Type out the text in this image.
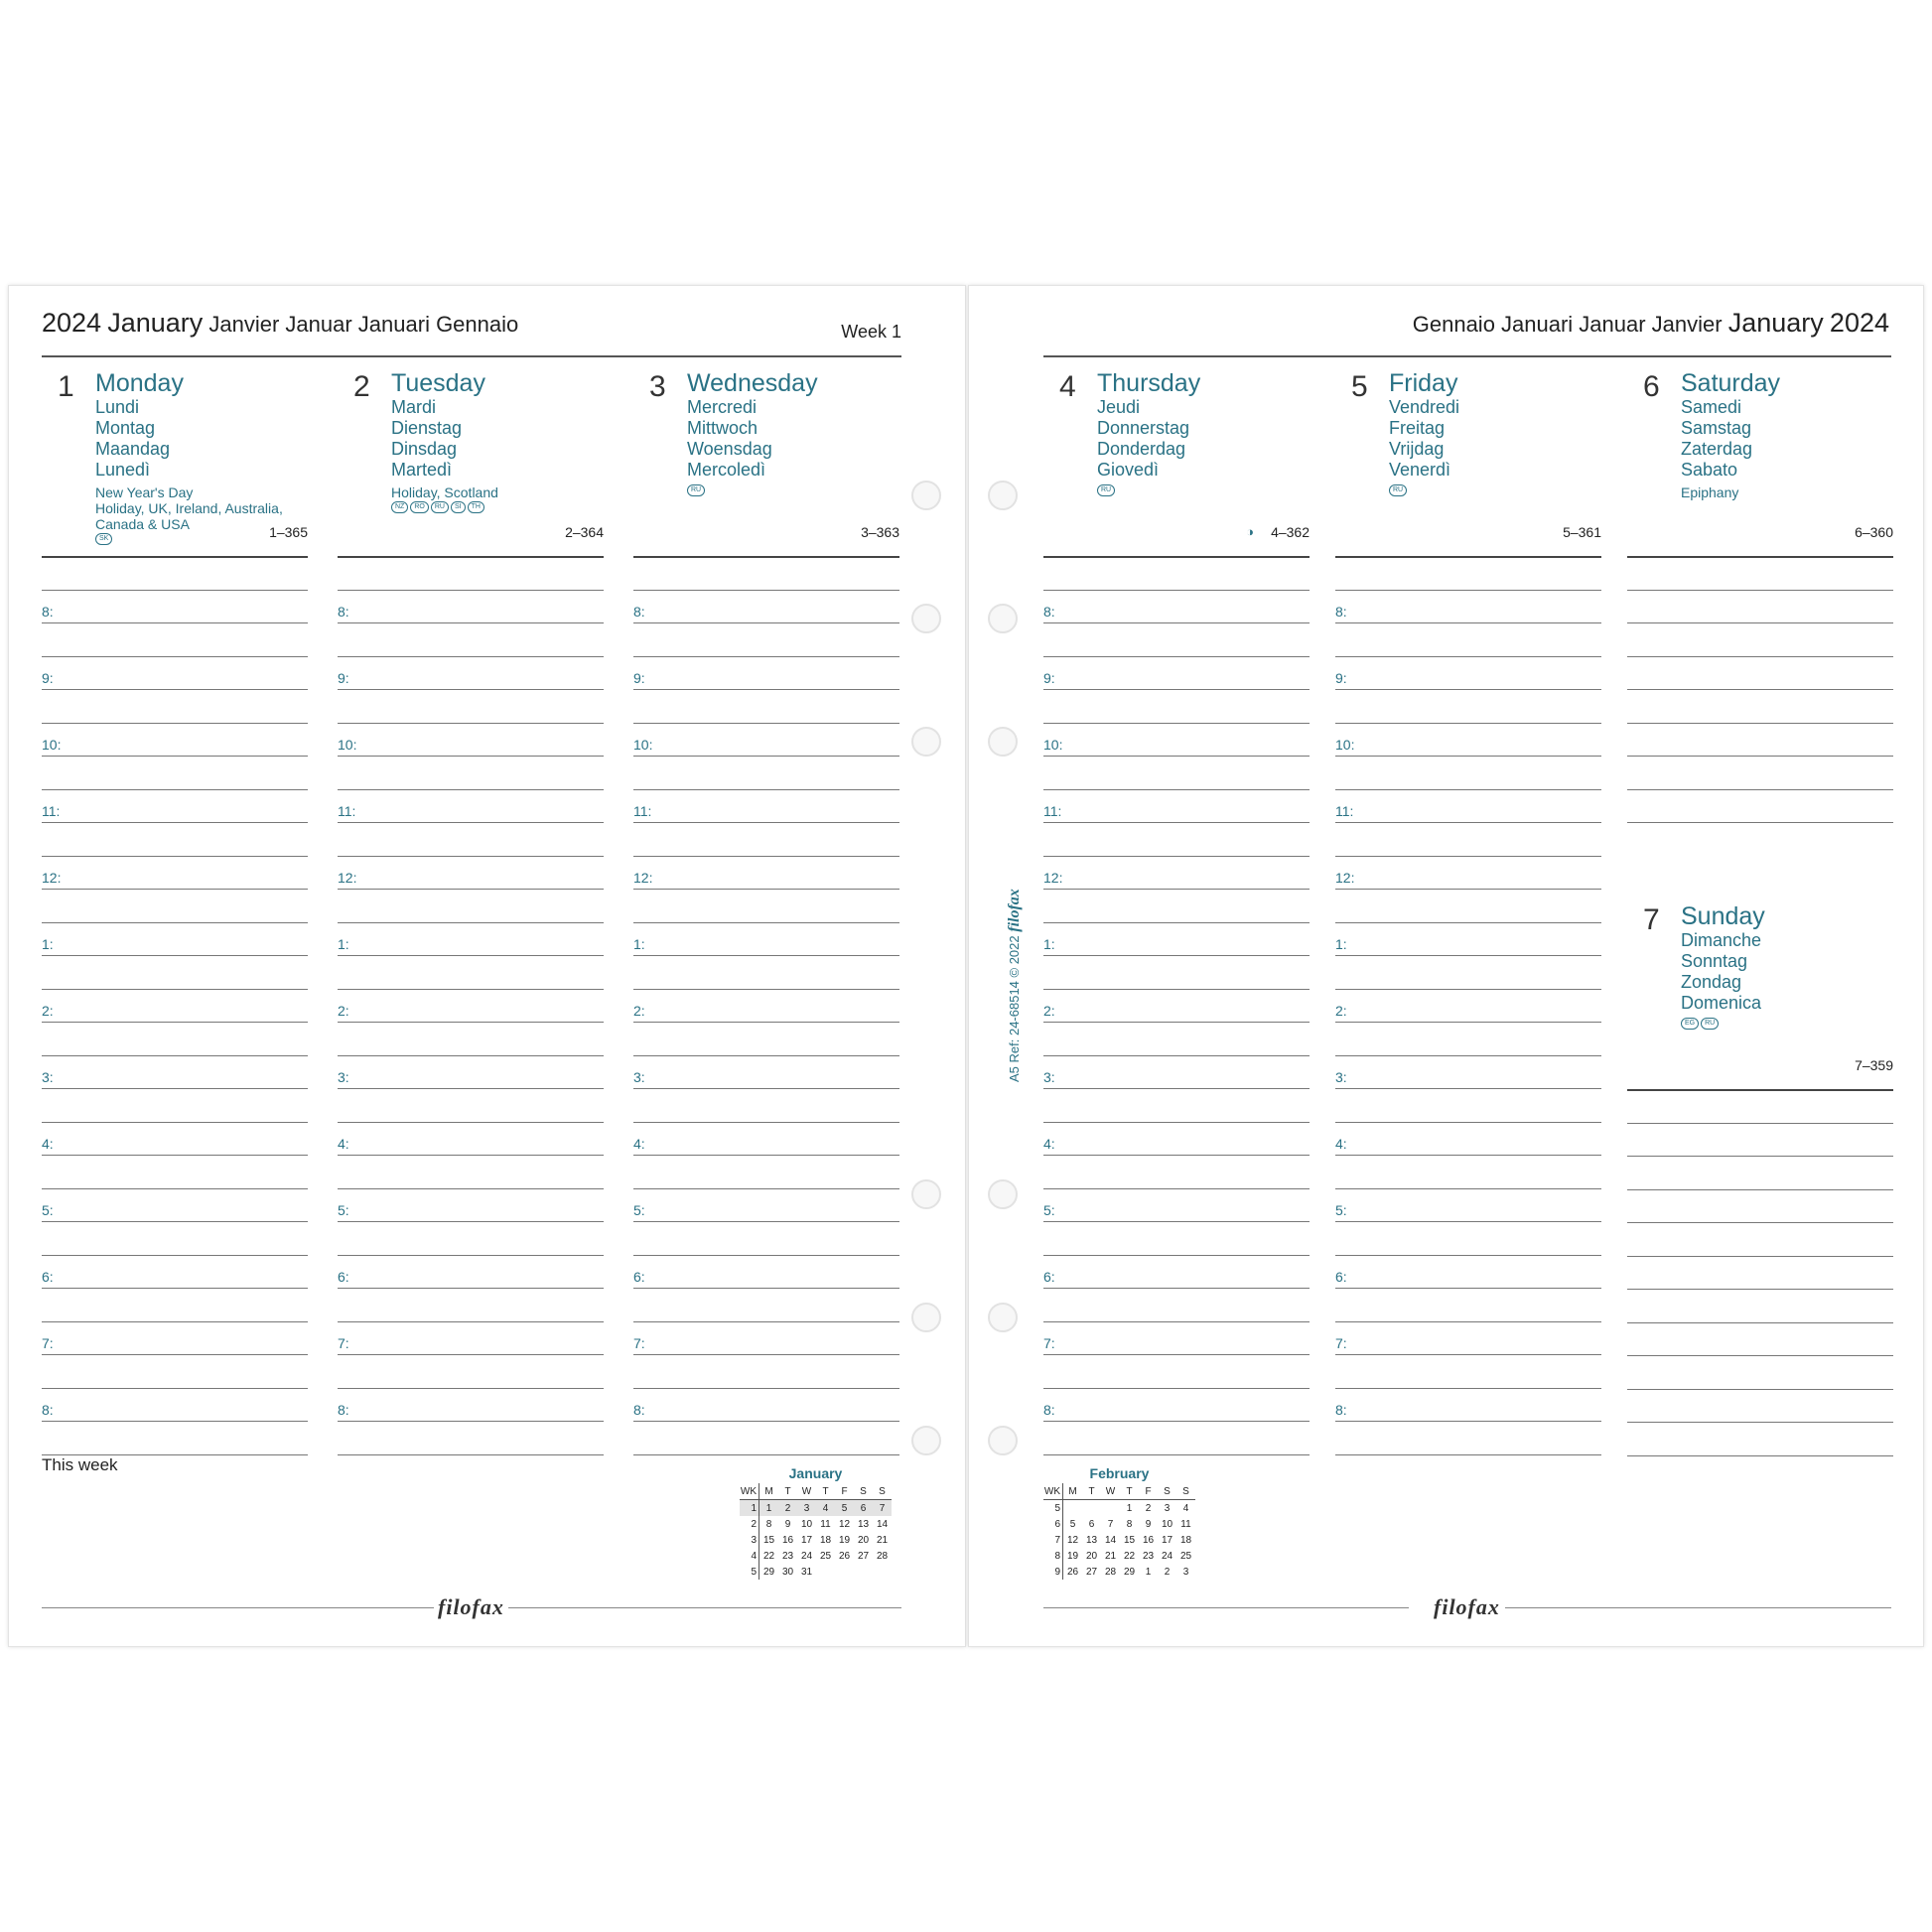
2024 January Janvier Januar Januari Gennaio	Week 1
1 Monday
Lundi
Montag
Maandag
Lunedì
New Year's Day
Holiday, UK, Ireland, Australia,
Canada & USA
SK	1–365
8:
9:
10:
11:
12:
1:
2:
3:
4:
5:
6:
7:
8:
2 Tuesday
Mardi
Dienstag
Dinsdag
Martedì
Holiday, Scotland
NZ	RO	RU	SI	TH
2–364
8:
9:
10:
11:
12:
1:
2:
3:
4:
5:
6:
7:
8:
3 Wednesday
Mercredi
Mittwoch
Woensdag
Mercoledì
RU
3–363
8:
9:
10:
11:
12:
1:
2:
3:
4:
5:
6:
7:
8:
This week	January
WK	M	T	W	T	F	S	S
1	1	2	3	4	5	6	7
2	8	9	10	11	12	13	14
3	15	16	17	18	19	20	21
4	22	23	24	25	26	27	28
5	29	30	31				
filofax
Gennaio Januari Januar Janvier January 2024
4 Thursday
Jeudi
Donnerstag
Donderdag
Giovedì
RU
◑ 4–362
8:
9:
10:
11:
12:
1:
2:
3:
4:
5:
6:
7:
8:
5 Friday
Vendredi
Freitag
Vrijdag
Venerdì
RU
5–361
8:
9:
10:
11:
12:
1:
2:
3:
4:
5:
6:
7:
8:
6 Saturday
Samedi
Samstag
Zaterdag
Sabato
Epiphany
6–360
7 Sunday
Dimanche
Sonntag
Zondag
Domenica
EG	RU
7–359
February
WK	M	T	W	T	F	S	S
5				1	2	3	4
6	5	6	7	8	9	10	11
7	12	13	14	15	16	17	18
8	19	20	21	22	23	24	25
9	26	27	28	29	1	2	3
filofax
A5 Ref: 24-68514 © 2022 filofax
